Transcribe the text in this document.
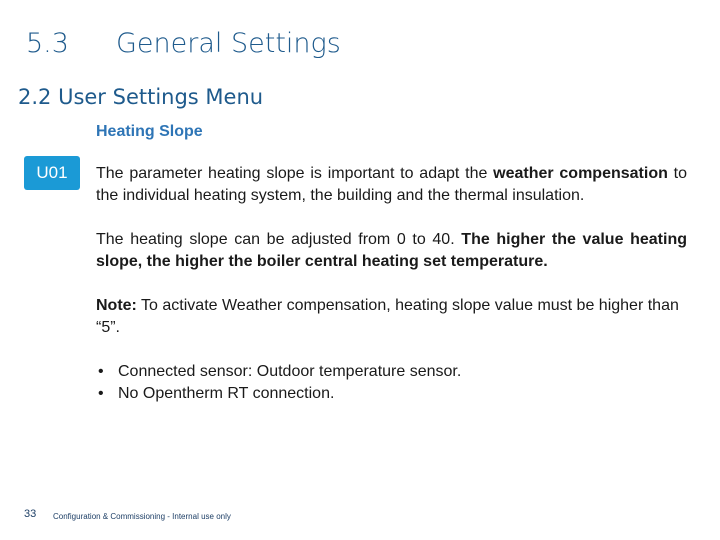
5.3 General Settings
2.2 User Settings Menu
Heating Slope
U01	The parameter heating slope is important to adapt the weather compensation to the individual heating system, the building and the thermal insulation.

The heating slope can be adjusted from 0 to 40. The higher the value heating slope, the higher the boiler central heating set temperature.

Note: To activate Weather compensation, heating slope value must be higher than “5”.

• Connected sensor: Outdoor temperature sensor.
• No Opentherm RT connection.
33 Configuration & Commissioning - Internal use only
